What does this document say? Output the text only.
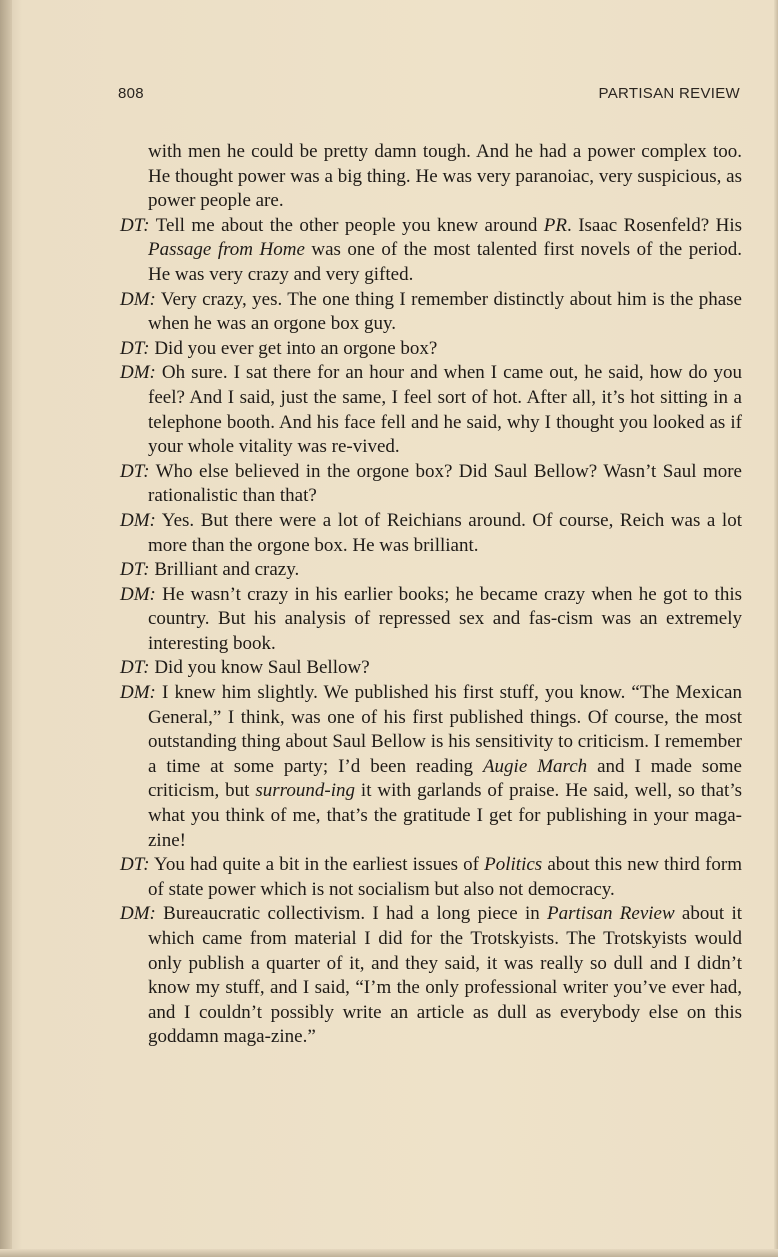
808	PARTISAN REVIEW

with men he could be pretty damn tough. And he had a power complex too. He thought power was a big thing. He was very paranoiac, very suspicious, as power people are.

DT: Tell me about the other people you knew around PR. Isaac Rosenfeld? His Passage from Home was one of the most talented first novels of the period. He was very crazy and very gifted.

DM: Very crazy, yes. The one thing I remember distinctly about him is the phase when he was an orgone box guy.

DT: Did you ever get into an orgone box?

DM: Oh sure. I sat there for an hour and when I came out, he said, how do you feel? And I said, just the same, I feel sort of hot. After all, it’s hot sitting in a telephone booth. And his face fell and he said, why I thought you looked as if your whole vitality was re-vived.

DT: Who else believed in the orgone box? Did Saul Bellow? Wasn’t Saul more rationalistic than that?

DM: Yes. But there were a lot of Reichians around. Of course, Reich was a lot more than the orgone box. He was brilliant.

DT: Brilliant and crazy.

DM: He wasn’t crazy in his earlier books; he became crazy when he got to this country. But his analysis of repressed sex and fas-cism was an extremely interesting book.

DT: Did you know Saul Bellow?

DM: I knew him slightly. We published his first stuff, you know. “The Mexican General,” I think, was one of his first published things. Of course, the most outstanding thing about Saul Bellow is his sensitivity to criticism. I remember a time at some party; I’d been reading Augie March and I made some criticism, but surround-ing it with garlands of praise. He said, well, so that’s what you think of me, that’s the gratitude I get for publishing in your maga-zine!

DT: You had quite a bit in the earliest issues of Politics about this new third form of state power which is not socialism but also not democracy.

DM: Bureaucratic collectivism. I had a long piece in Partisan Review about it which came from material I did for the Trotskyists. The Trotskyists would only publish a quarter of it, and they said, it was really so dull and I didn’t know my stuff, and I said, “I’m the only professional writer you’ve ever had, and I couldn’t possibly write an article as dull as everybody else on this goddamn maga-zine.”
